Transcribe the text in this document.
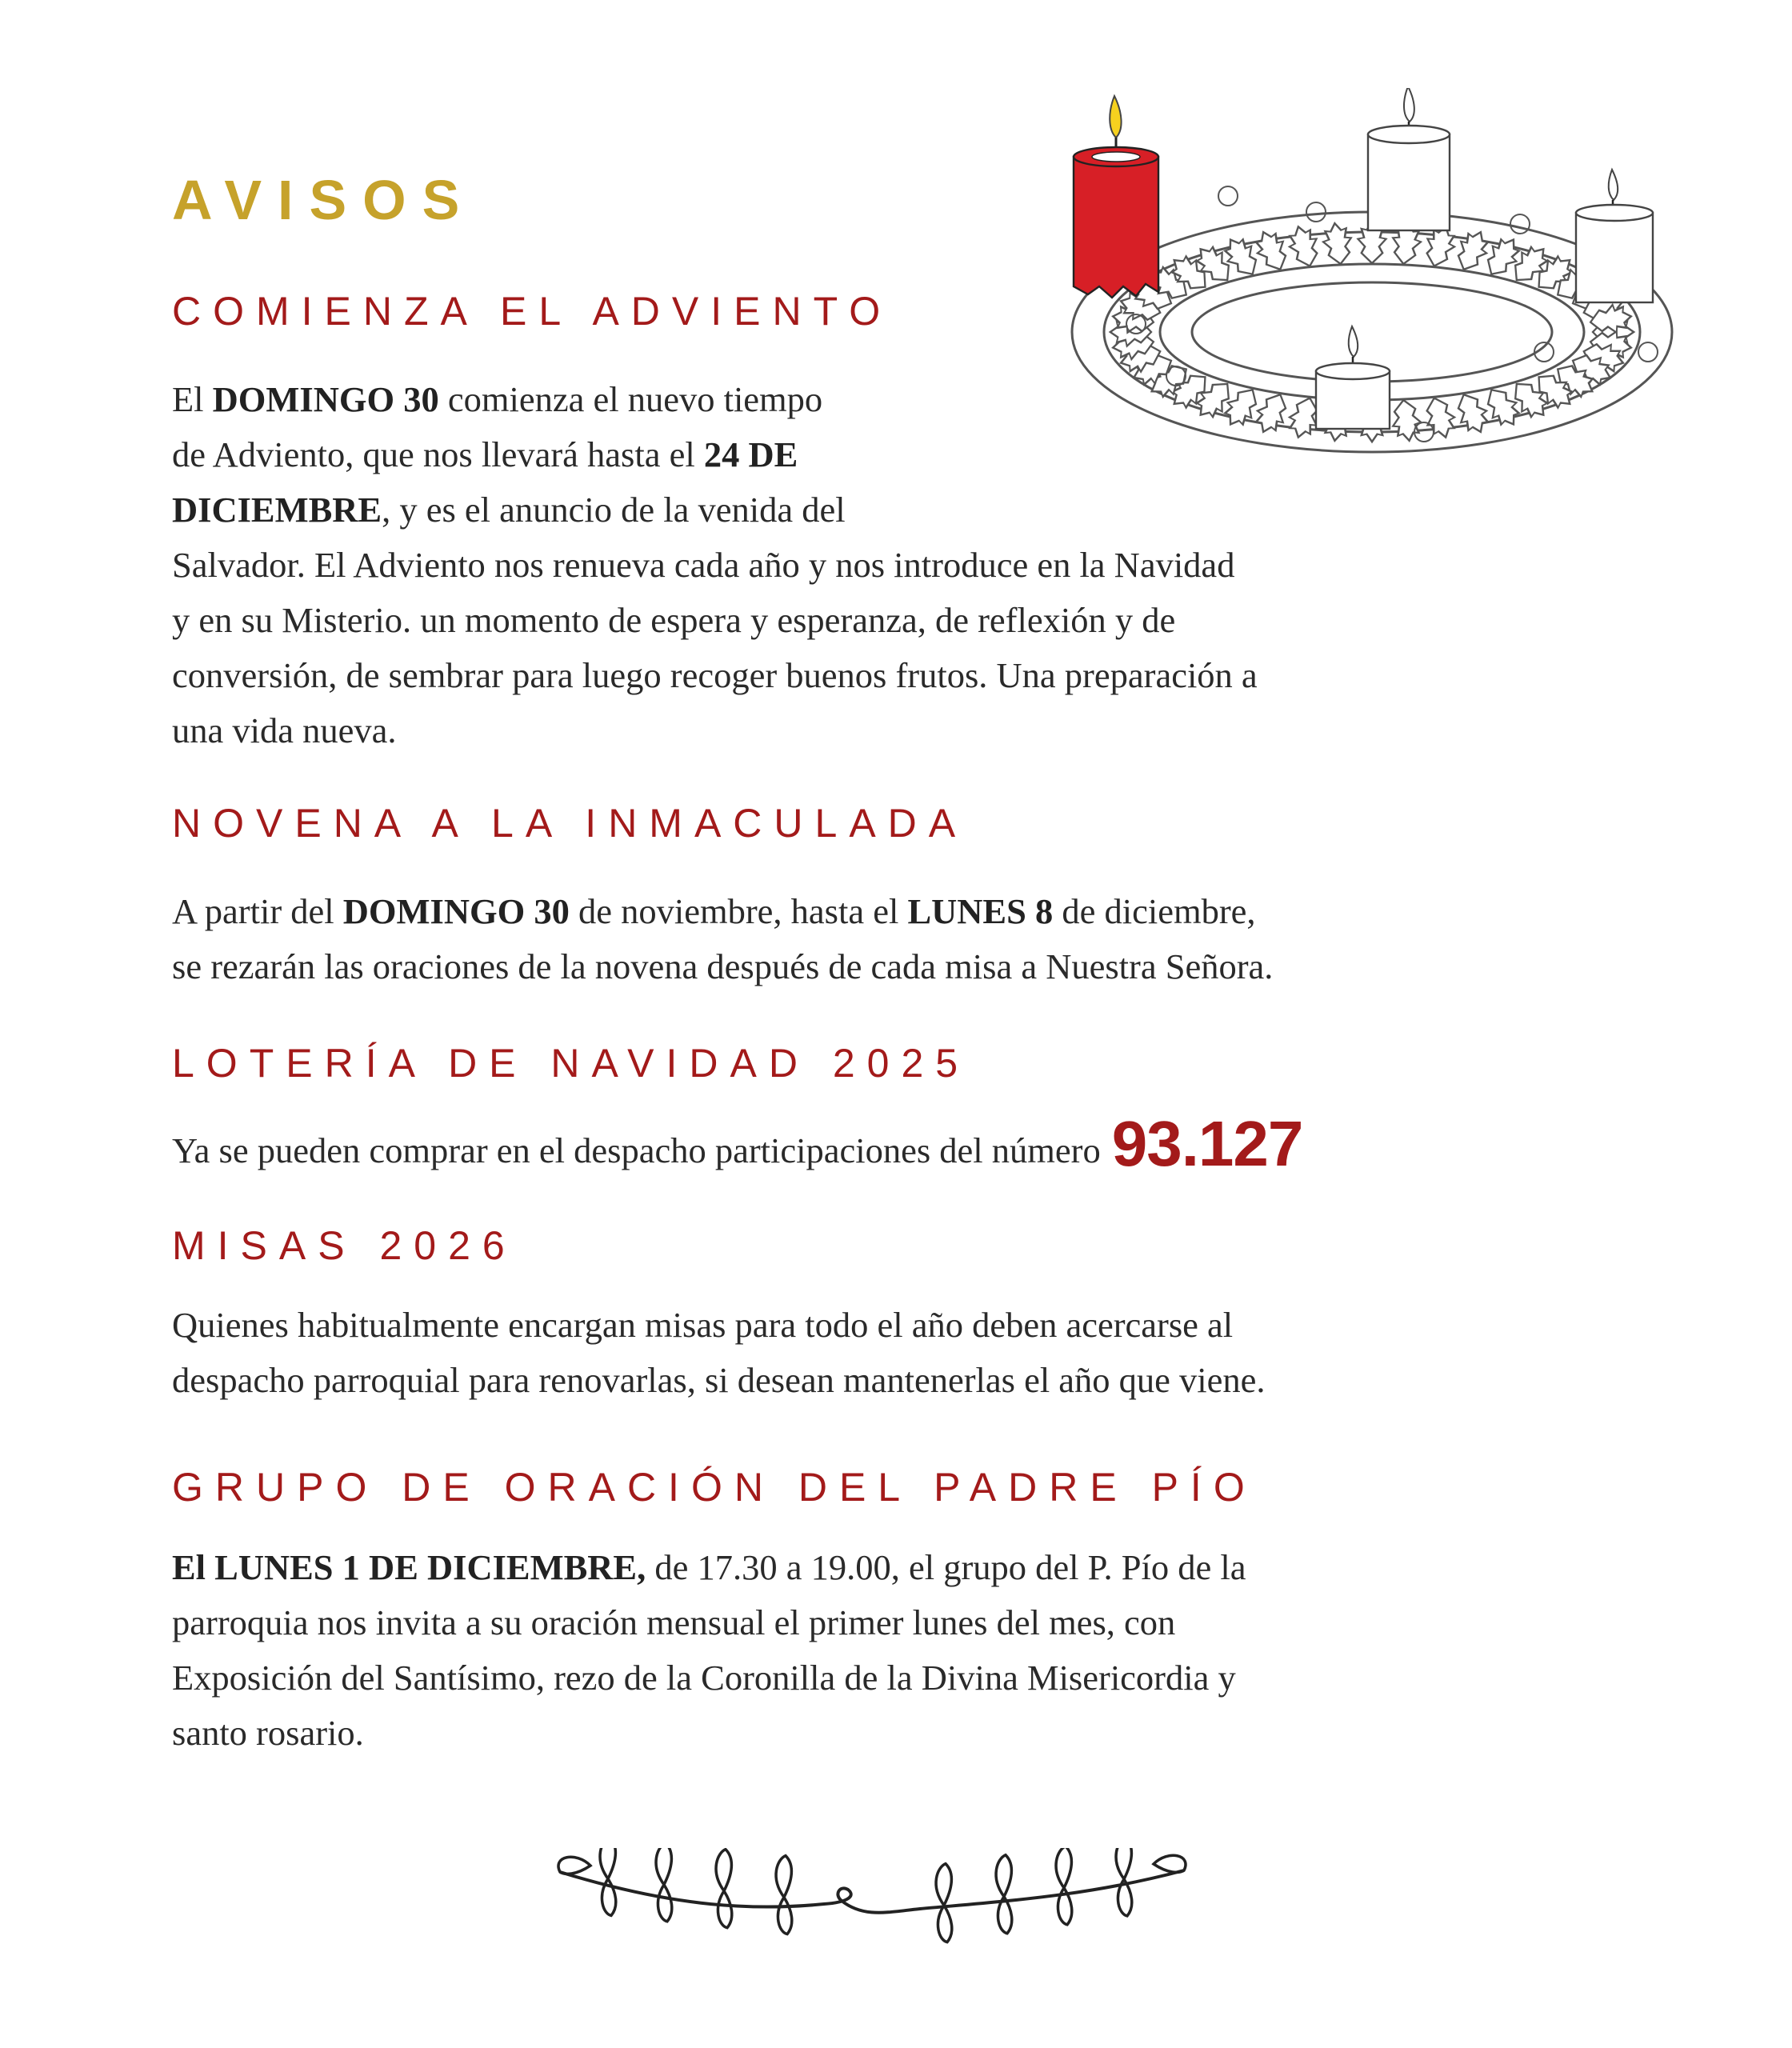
AVISOS
COMIENZA EL ADVIENTO

El DOMINGO 30 comienza el nuevo tiempo
de Adviento, que nos llevará hasta el 24 DE
DICIEMBRE, y es el anuncio de la venida del
Salvador. El Adviento nos renueva cada año y nos introduce en la Navidad
y en su Misterio. un momento de espera y esperanza, de reflexión y de
conversión, de sembrar para luego recoger buenos frutos. Una preparación a
una vida nueva.

NOVENA A LA INMACULADA

A partir del DOMINGO 30 de noviembre, hasta el LUNES 8 de diciembre,
se rezarán las oraciones de la novena después de cada misa a Nuestra Señora.

LOTERÍA DE NAVIDAD 2025

Ya se pueden comprar en el despacho participaciones del número 93.127

MISAS 2026

Quienes habitualmente encargan misas para todo el año deben acercarse al
despacho parroquial para renovarlas, si desean mantenerlas el año que viene.

GRUPO DE ORACIÓN DEL PADRE PÍO

El LUNES 1 DE DICIEMBRE, de 17.30 a 19.00, el grupo del P. Pío de la
parroquia nos invita a su oración mensual el primer lunes del mes, con
Exposición del Santísimo, rezo de la Coronilla de la Divina Misericordia y
santo rosario.
